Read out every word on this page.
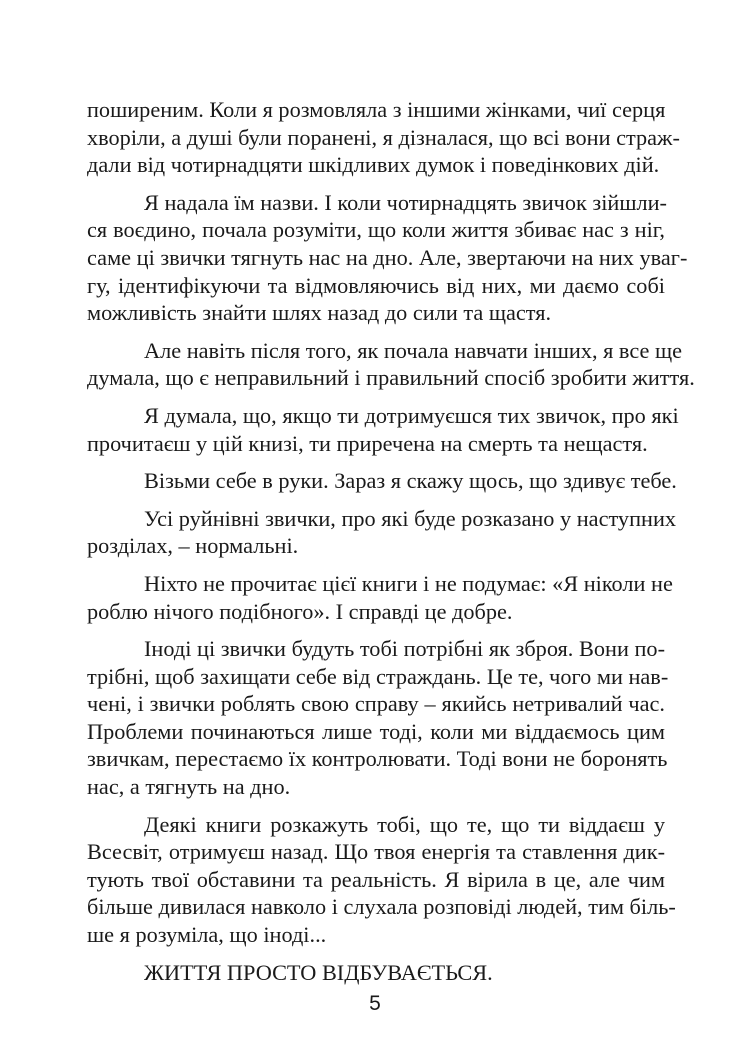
поширеним. Коли я розмовляла з іншими жінками, чиї серця
хворіли, а душі були поранені, я дізналася, що всі вони страж-
дали від чотирнадцяти шкідливих думок і поведінкових дій.

Я надала їм назви. І коли чотирнадцять звичок зійшли-
ся воєдино, почала розуміти, що коли життя збиває нас з ніг,
саме ці звички тягнуть нас на дно. Але, звертаючи на них уваг-
гу, ідентифікуючи та відмовляючись від них, ми даємо собі
можливість знайти шлях назад до сили та щастя.

Але навіть після того, як почала навчати інших, я все ще
думала, що є неправильний і правильний спосіб зробити життя.

Я думала, що, якщо ти дотримуєшся тих звичок, про які
прочитаєш у цій книзі, ти приречена на смерть та нещастя.

Візьми себе в руки. Зараз я скажу щось, що здивує тебе.

Усі руйнівні звички, про які буде розказано у наступних
розділах, – нормальні.

Ніхто не прочитає цієї книги і не подумає: «Я ніколи не
роблю нічого подібного». І справді це добре.

Іноді ці звички будуть тобі потрібні як зброя. Вони по-
трібні, щоб захищати себе від страждань. Це те, чого ми нав-
чені, і звички роблять свою справу – якийсь нетривалий час.
Проблеми починаються лише тоді, коли ми віддаємось цим
звичкам, перестаємо їх контролювати. Тоді вони не боронять
нас, а тягнуть на дно.

Деякі книги розкажуть тобі, що те, що ти віддаєш у
Всесвіт, отримуєш назад. Що твоя енергія та ставлення дик-
тують твої обставини та реальність. Я вірила в це, але чим
більше дивилася навколо і слухала розповіді людей, тим біль-
ше я розуміла, що іноді...

ЖИТТЯ ПРОСТО ВІДБУВАЄТЬСЯ.

5
